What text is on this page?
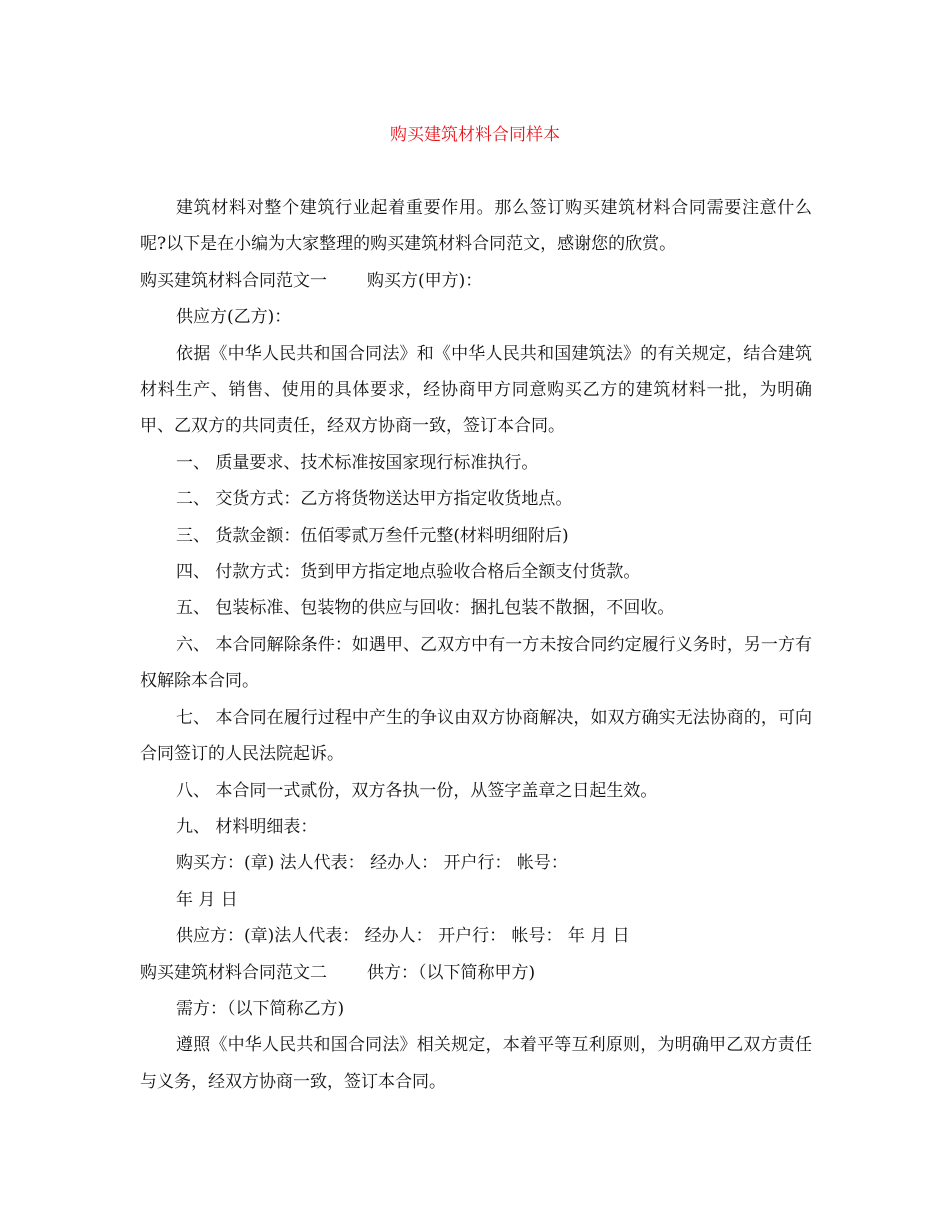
购买建筑材料合同样本

建筑材料对整个建筑行业起着重要作用。那么签订购买建筑材料合同需要注意什么呢?以下是在小编为大家整理的购买建筑材料合同范文，感谢您的欣赏。

购买建筑材料合同范文一 购买方(甲方)：

供应方(乙方)：

依据《中华人民共和国合同法》和《中华人民共和国建筑法》的有关规定，结合建筑材料生产、销售、使用的具体要求，经协商甲方同意购买乙方的建筑材料一批，为明确甲、乙双方的共同责任，经双方协商一致，签订本合同。

一、 质量要求、技术标准按国家现行标准执行。

二、 交货方式：乙方将货物送达甲方指定收货地点。

三、 货款金额：伍佰零贰万叁仟元整(材料明细附后)

四、 付款方式：货到甲方指定地点验收合格后全额支付货款。

五、 包装标准、包装物的供应与回收：捆扎包装不散捆，不回收。

六、 本合同解除条件：如遇甲、乙双方中有一方未按合同约定履行义务时，另一方有权解除本合同。

七、 本合同在履行过程中产生的争议由双方协商解决，如双方确实无法协商的，可向合同签订的人民法院起诉。

八、 本合同一式贰份，双方各执一份，从签字盖章之日起生效。

九、 材料明细表：

购买方：(章) 法人代表： 经办人： 开户行： 帐号：

年 月 日

供应方：(章)法人代表： 经办人： 开户行： 帐号： 年 月 日

购买建筑材料合同范文二 供方：（以下简称甲方)

需方：（以下简称乙方)

遵照《中华人民共和国合同法》相关规定，本着平等互利原则，为明确甲乙双方责任与义务，经双方协商一致，签订本合同。
